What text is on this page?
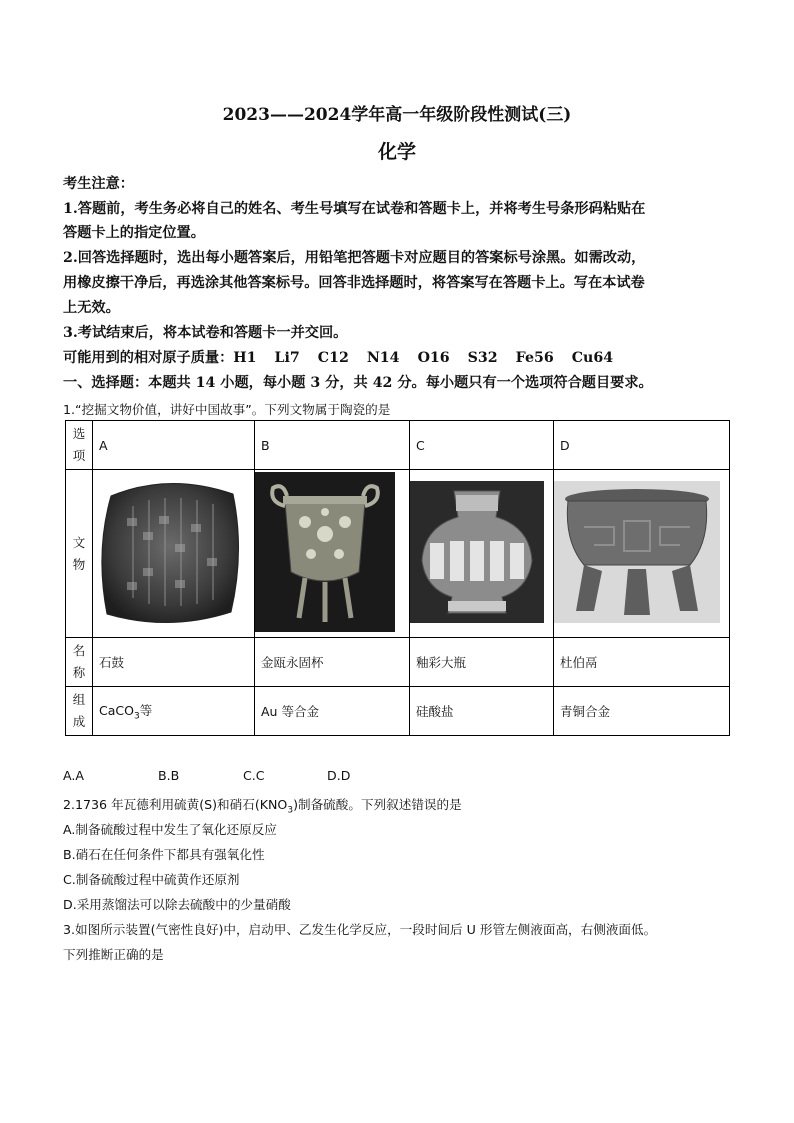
2023——2024学年高一年级阶段性测试(三)
化学
考生注意：
1.答题前，考生务必将自己的姓名、考生号填写在试卷和答题卡上，并将考生号条形码粘贴在
答题卡上的指定位置。
2.回答选择题时，选出每小题答案后，用铅笔把答题卡对应题目的答案标号涂黑。如需改动，
用橡皮擦干净后，再选涂其他答案标号。回答非选择题时，将答案写在答题卡上。写在本试卷
上无效。
3.考试结束后，将本试卷和答题卡一并交回。
可能用到的相对原子质量：H1 Li7 C12 N14 O16 S32 Fe56 Cu64
一、选择题：本题共 14 小题，每小题 3 分，共 42 分。每小题只有一个选项符合题目要求。
1.“挖掘文物价值，讲好中国故事”。下列文物属于陶瓷的是
选
项	A	B	C	D
文
物				
名
称	石鼓	金瓯永固杯	釉彩大瓶	杜伯鬲
组
成	CaCO$_3$等	Au 等合金	硅酸盐	青铜合金
A.A	B.B	C.C	D.D
2.1736 年瓦德利用硫黄(S)和硝石$(KNO_3)$制备硫酸。下列叙述错误的是
A.制备硫酸过程中发生了氧化还原反应
B.硝石在任何条件下都具有强氧化性
C.制备硫酸过程中硫黄作还原剂
D.采用蒸馏法可以除去硫酸中的少量硝酸
3.如图所示装置(气密性良好)中，启动甲、乙发生化学反应，一段时间后 U 形管左侧液面高，右侧液面低。
下列推断正确的是
